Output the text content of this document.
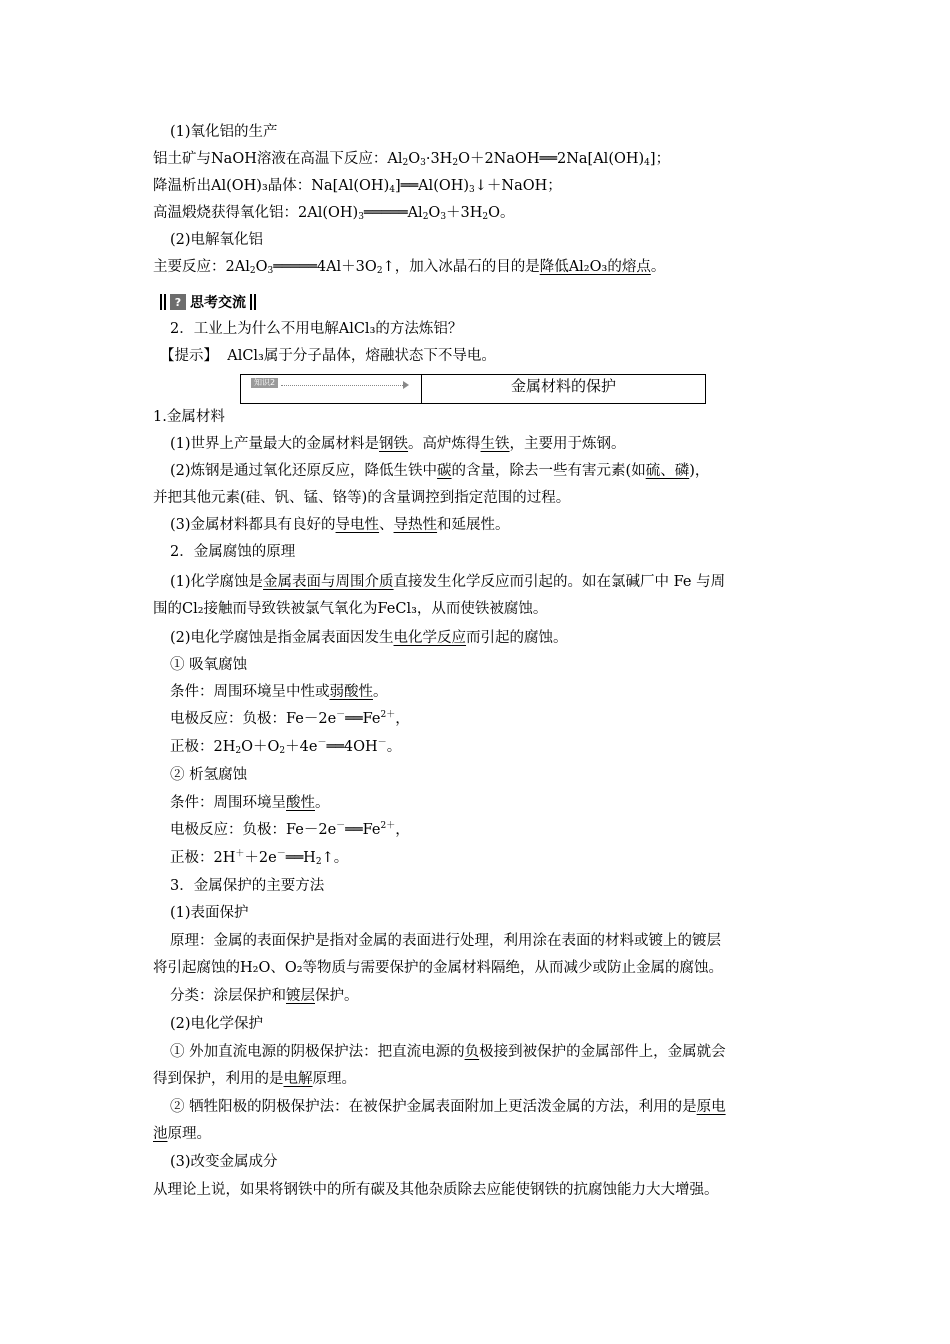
(1)氧化铝的生产
铝土矿与NaOH溶液在高温下反应：$Al_2O_3\cdot 3H_2O+2NaOH══2Na[Al(OH)_4]$；
降温析出Al(OH)₃晶体：$Na[Al(OH)_4]══Al(OH)_3↓+NaOH$；
高温煅烧获得氧化铝：$2Al(OH)_3═════Al_2O_3+3H_2O$。
(2)电解氧化铝
主要反应：$2Al_2O_3═════4Al+3O_2↑$，加入冰晶石的目的是降低Al₂O₃的熔点。
? 思考交流
2．工业上为什么不用电解AlCl₃的方法炼铝？
【提示】 AlCl₃属于分子晶体，熔融状态下不导电。
知识2	金属材料的保护
1.金属材料
(1)世界上产量最大的金属材料是钢铁。高炉炼得生铁，主要用于炼钢。
(2)炼钢是通过氧化还原反应，降低生铁中碳的含量，除去一些有害元素(如硫、磷)，
并把其他元素(硅、钒、锰、铬等)的含量调控到指定范围的过程。
(3)金属材料都具有良好的导电性、导热性和延展性。
2．金属腐蚀的原理
(1)化学腐蚀是金属表面与周围介质直接发生化学反应而引起的。如在氯碱厂中 Fe 与周
围的Cl₂接触而导致铁被氯气氧化为FeCl₃，从而使铁被腐蚀。
(2)电化学腐蚀是指金属表面因发生电化学反应而引起的腐蚀。
① 吸氧腐蚀
条件：周围环境呈中性或弱酸性。
电极反应：负极：$Fe-2e^-══Fe^{2+}$，
正极：$2H_2O+O_2+4e^-══4OH^-$。
② 析氢腐蚀
条件：周围环境呈酸性。
电极反应：负极：$Fe-2e^-══Fe^{2+}$，
正极：$2H^++2e^-══H_2↑$。
3．金属保护的主要方法
(1)表面保护
原理：金属的表面保护是指对金属的表面进行处理，利用涂在表面的材料或镀上的镀层
将引起腐蚀的H₂O、O₂等物质与需要保护的金属材料隔绝，从而减少或防止金属的腐蚀。
分类：涂层保护和镀层保护。
(2)电化学保护
① 外加直流电源的阴极保护法：把直流电源的负极接到被保护的金属部件上，金属就会
得到保护，利用的是电解原理。
② 牺牲阳极的阴极保护法：在被保护金属表面附加上更活泼金属的方法，利用的是原电
池原理。
(3)改变金属成分
从理论上说，如果将钢铁中的所有碳及其他杂质除去应能使钢铁的抗腐蚀能力大大增强。
